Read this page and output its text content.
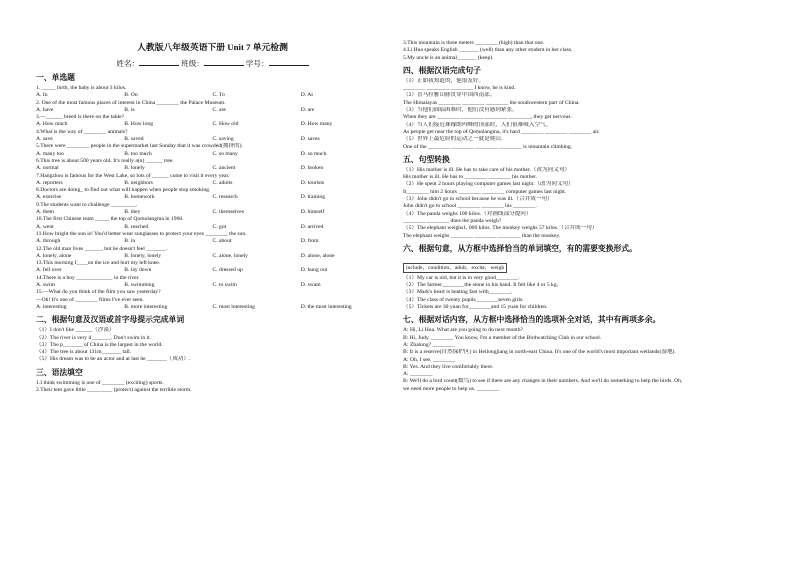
人教版八年级英语下册 Unit 7 单元检测
姓名：	班级：	学号：
一、单选题
1. _____ birth, the baby is about 3 kilos.
A. In	B. On	C. To	D. At
2. One of the most famous places of interest in China ________ the Palace Museum.
A. have	B. is	C. are	D. are
3.—______ breed is there on the table?
A. How much	B. How long	C. How old	D. How many
4.What is the way of ________ animals?
A. save	B. saved	C. saving	D. saves
5.There were ________ people in the supermarket last Sunday that it was crowded(拥挤的).
A. many too	B. too much	C. so many	D. so much
6.This tree is about 500 years old. It's really a(n) ______ tree.
A. normal	B. lonely	C. ancient	D. broken
7.Hangzhou is famous for the West Lake, so lots of ______ come to visit it every year.
A. reporters	B. neighbors	C. adults	D. tourists
8.Doctors are doing_ to find out what will happen when people stop smoking.
A. exercise	B. homework	C. research	D. training
9.The students want to challenge _________.
A. them	B. they	C. themselves	D. himself
10.The first Chinese team _____ the top of Qomolangma in 1960.
A. went	B. reached	C. got	D. arrived
11.How bright the sun is! You'd better wear sunglasses to protect your eyes ________ the sun.
A. through	B. in	C. about	D. from
12.The old man lives ______, but he doesn't feel _______.
A. lonely, alone	B. lonely, lonely	C. alone, lonely	D. alone, alone
13.This morning I____on the ice and hurt my left knee.
A. fell over	B. lay down	C. dressed up	D. hung out
14.There is a boy _____________ in the river.
A. swim	B. swimming	C. to swim	D. swam
15.—What do you think of the film you saw yesterday?
—Oh! It's one of ________ films I've ever seen.
A. interesting	B. more interesting	C. most interesting	D. the most interesting
二、根据句意及汉语或首字母提示完成单词
（1）I don't like ______（沙漠）
（2）The river is very d_______. Don't swim in it.
（3）The p_______ of China is the largest in the world.
（4）The tree is about 131m_______ tall.
（5）His dream was to be an actor and at last he _______（成功）.
三、语法填空
1.I think swimming is one of ________ (exciting) sports.
2.Their tent gave little _________ (protect) against the terrible storm.
3.This mountain is three meters ________ (high) than that one.
4.Li Hua speaks English _______ (well) than any other student in her class.
5.My uncle is an animal_______ (keep).
四、根据汉语完成句子
（1）正如我知道的，他很友好。
________ ________ ________ I know, he is kind.
（2）喜马拉雅山脉贯穿中国西南部。
The Himalayas ________ ________ ________ the southwestern part of China.
（3）当他们面临困难时，他们没有感到紧张。
When they are ________ ________ ________ ________, they get nervous.
（4）当人们接近珠穆朗玛峰的顶部时，人们很难吸入空气。
As people get near the top of Qomolangma, it's hard ________ ________ ________ air.
（5）世界上最危险的运动之一就是爬山。
One of the ________ ________ ________ ________ is mountain climbing.
五、句型转换
（1）His mother is ill. He has to take care of his mother.（改为同义句）
His mother is ill. He has to ________ ________ his mother.
（2）He spent 2 hours playing computer games last night.（改为同义句）
It________ him 2 hours ________ ________ computer games last night.
（3）John didn't go to school because he was ill.（合并成一句）
John didn't go to school ________ ________ his ________.
（4）The panda weighs 100 kilos.（对画线部分提问）
________ ________ does the panda weigh?
（5）The elephant weighs1, 000 kilos. The monkey weighs 57 kilos.（合并成一句）
The elephant weighs ________ ________ ________ than the monkey.
六、根据句意，从方框中选择恰当的单词填空，有的需要变换形式。
include，condition，adult，excite，weigh
（1）My car is old, but it is in very good________.
（2）The farmer________the stone in his hand. It felt like 4 or 5 kg.
（3）Mark's heart is beating fast with________.
（4）The class of twenty pupils________seven girls.
（5）Tickets are 30 yuan for________and 15 yuan for children.
七、根据对话内容，从方框中选择恰当的选项补全对话，其中有两项多余。
A: Hi, Li Hua. What are you going to do next month?
B: Hi, Judy. ________ You know, I'm a member of the Birdwatching Club in our school.
A: Zhalong? ________
B: It is a reserve(自然保护区) in Heilongjiang in north-east China. It's one of the world's most important wetlands(湿地).
A: Oh, I see. ________
B: Yes. And they live comfortably there.
A: ________
B: We'll do a bird count(数鸟) to see if there are any changes in their numbers. And we'll do something to help the birds. Oh,
we need more people to help us. ________
